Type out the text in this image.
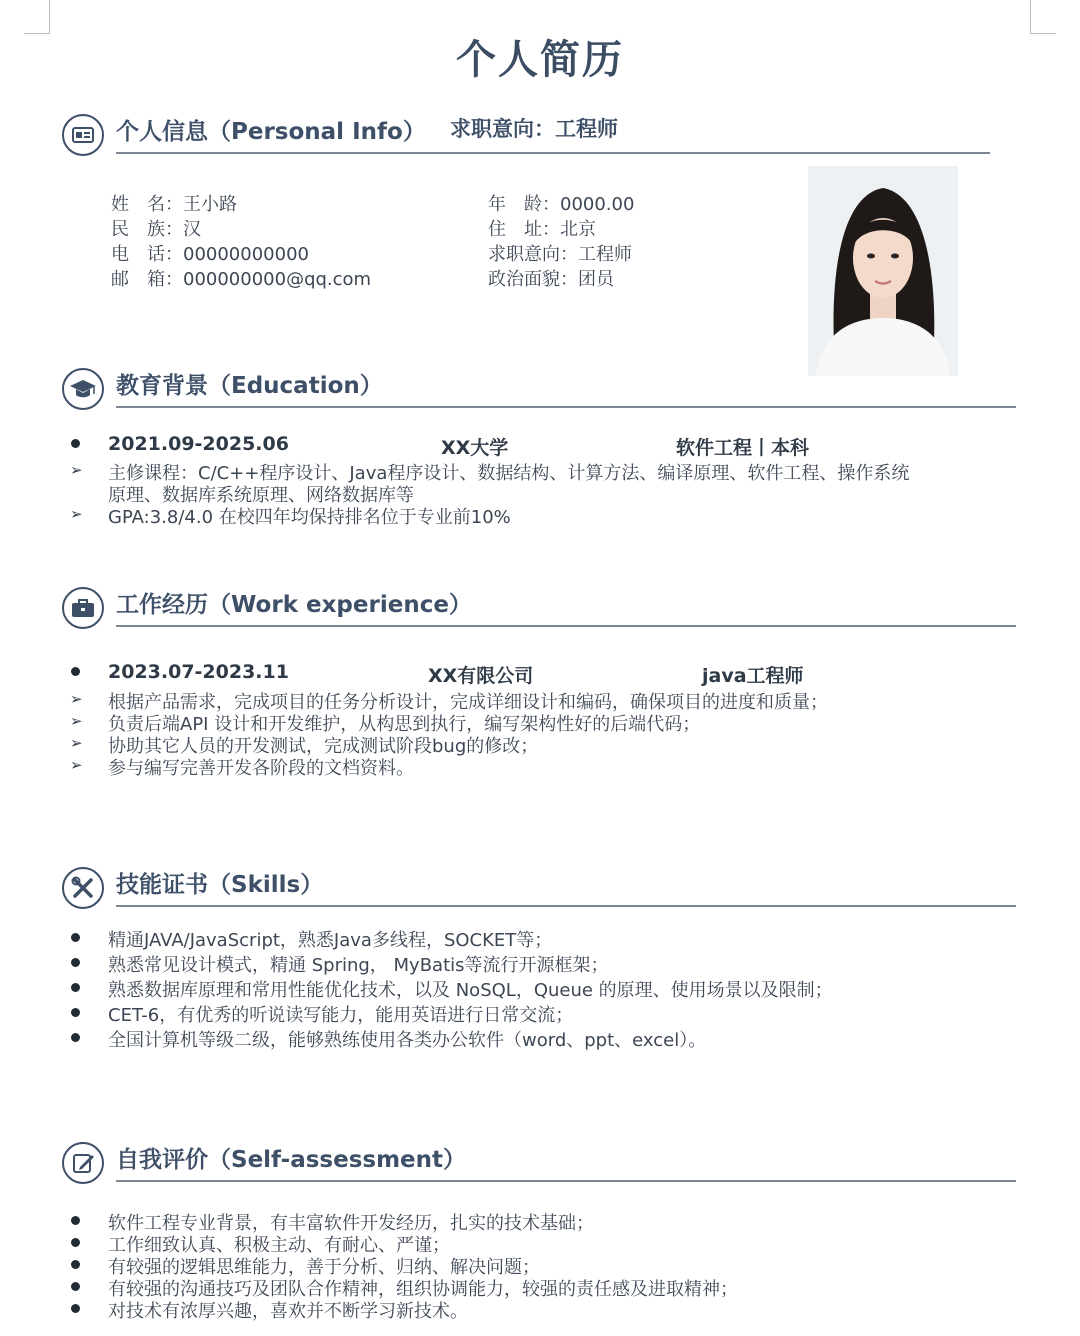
个人简历
个人信息（Personal Info） 求职意向：工程师
姓　名：王小路
民　族：汉
电　话：00000000000
邮　箱：000000000@qq.com
年　龄：0000.00
住　址：北京
求职意向：工程师
政治面貌：团员
教育背景（Education）
2021.09-2025.06	XX大学	软件工程丨本科
➢ 主修课程：C/C++程序设计、Java程序设计、数据结构、计算方法、编译原理、软件工程、操作系统
原理、数据库系统原理、网络数据库等
➢ GPA:3.8/4.0 在校四年均保持排名位于专业前10%
工作经历（Work experience）
2023.07-2023.11	XX有限公司	java工程师
➢ 根据产品需求，完成项目的任务分析设计，完成详细设计和编码，确保项目的进度和质量；
➢ 负责后端API 设计和开发维护，从构思到执行，编写架构性好的后端代码；
➢ 协助其它人员的开发测试，完成测试阶段bug的修改；
➢ 参与编写完善开发各阶段的文档资料。
技能证书（Skills）
精通JAVA/JavaScript，熟悉Java多线程，SOCKET等；
熟悉常见设计模式，精通 Spring， MyBatis等流行开源框架；
熟悉数据库原理和常用性能优化技术，以及 NoSQL，Queue 的原理、使用场景以及限制；
CET-6，有优秀的听说读写能力，能用英语进行日常交流；
全国计算机等级二级，能够熟练使用各类办公软件（word、ppt、excel）。
自我评价（Self-assessment）
软件工程专业背景，有丰富软件开发经历，扎实的技术基础；
工作细致认真、积极主动、有耐心、严谨；
有较强的逻辑思维能力，善于分析、归纳、解决问题；
有较强的沟通技巧及团队合作精神，组织协调能力，较强的责任感及进取精神；
对技术有浓厚兴趣，喜欢并不断学习新技术。
